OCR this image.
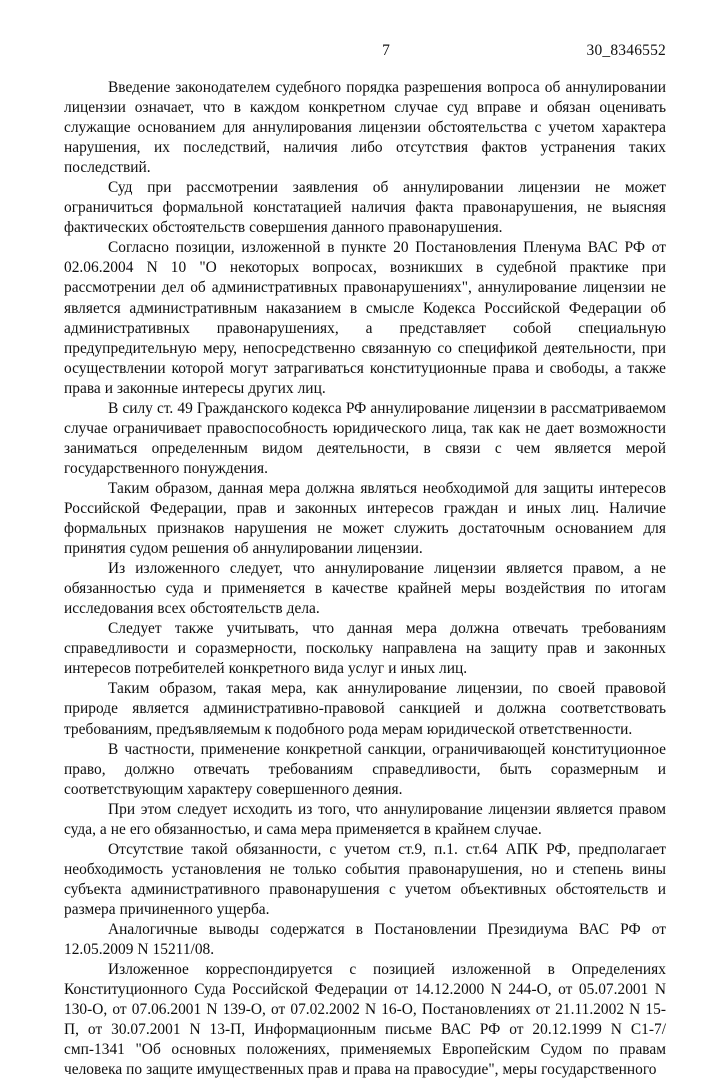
7	30_8346552

Введение законодателем судебного порядка разрешения вопроса об аннулировании лицензии означает, что в каждом конкретном случае суд вправе и обязан оценивать служащие основанием для аннулирования лицензии обстоятельства с учетом характера нарушения, их последствий, наличия либо отсутствия фактов устранения таких последствий.

Суд при рассмотрении заявления об аннулировании лицензии не может ограничиться формальной констатацией наличия факта правонарушения, не выясняя фактических обстоятельств совершения данного правонарушения.

Согласно позиции, изложенной в пункте 20 Постановления Пленума ВАС РФ от 02.06.2004 N 10 "О некоторых вопросах, возникших в судебной практике при рассмотрении дел об административных правонарушениях", аннулирование лицензии не является административным наказанием в смысле Кодекса Российской Федерации об административных правонарушениях, а представляет собой специальную предупредительную меру, непосредственно связанную со спецификой деятельности, при осуществлении которой могут затрагиваться конституционные права и свободы, а также права и законные интересы других лиц.

В силу ст. 49 Гражданского кодекса РФ аннулирование лицензии в рассматриваемом случае ограничивает правоспособность юридического лица, так как не дает возможности заниматься определенным видом деятельности, в связи с чем является мерой государственного понуждения.

Таким образом, данная мера должна являться необходимой для защиты интересов Российской Федерации, прав и законных интересов граждан и иных лиц. Наличие формальных признаков нарушения не может служить достаточным основанием для принятия судом решения об аннулировании лицензии.

Из изложенного следует, что аннулирование лицензии является правом, а не обязанностью суда и применяется в качестве крайней меры воздействия по итогам исследования всех обстоятельств дела.

Следует также учитывать, что данная мера должна отвечать требованиям справедливости и соразмерности, поскольку направлена на защиту прав и законных интересов потребителей конкретного вида услуг и иных лиц.

Таким образом, такая мера, как аннулирование лицензии, по своей правовой природе является административно-правовой санкцией и должна соответствовать требованиям, предъявляемым к подобного рода мерам юридической ответственности.

В частности, применение конкретной санкции, ограничивающей конституционное право, должно отвечать требованиям справедливости, быть соразмерным и соответствующим характеру совершенного деяния.

При этом следует исходить из того, что аннулирование лицензии является правом суда, а не его обязанностью, и сама мера применяется в крайнем случае.

Отсутствие такой обязанности, с учетом ст.9, п.1. ст.64 АПК РФ, предполагает необходимость установления не только события правонарушения, но и степень вины субъекта административного правонарушения с учетом объективных обстоятельств и размера причиненного ущерба.

Аналогичные выводы содержатся в Постановлении Президиума ВАС РФ от 12.05.2009 N 15211/08.

Изложенное корреспондируется с позицией изложенной в Определениях Конституционного Суда Российской Федерации от 14.12.2000 N 244-О, от 05.07.2001 N 130-О, от 07.06.2001 N 139-О, от 07.02.2002 N 16-О, Постановлениях от 21.11.2002 N 15-П, от 30.07.2001 N 13-П, Информационным письме ВАС РФ от 20.12.1999 N С1-7/смп-1341 "Об основных положениях, применяемых Европейским Судом по правам человека по защите имущественных прав и права на правосудие", меры государственного
